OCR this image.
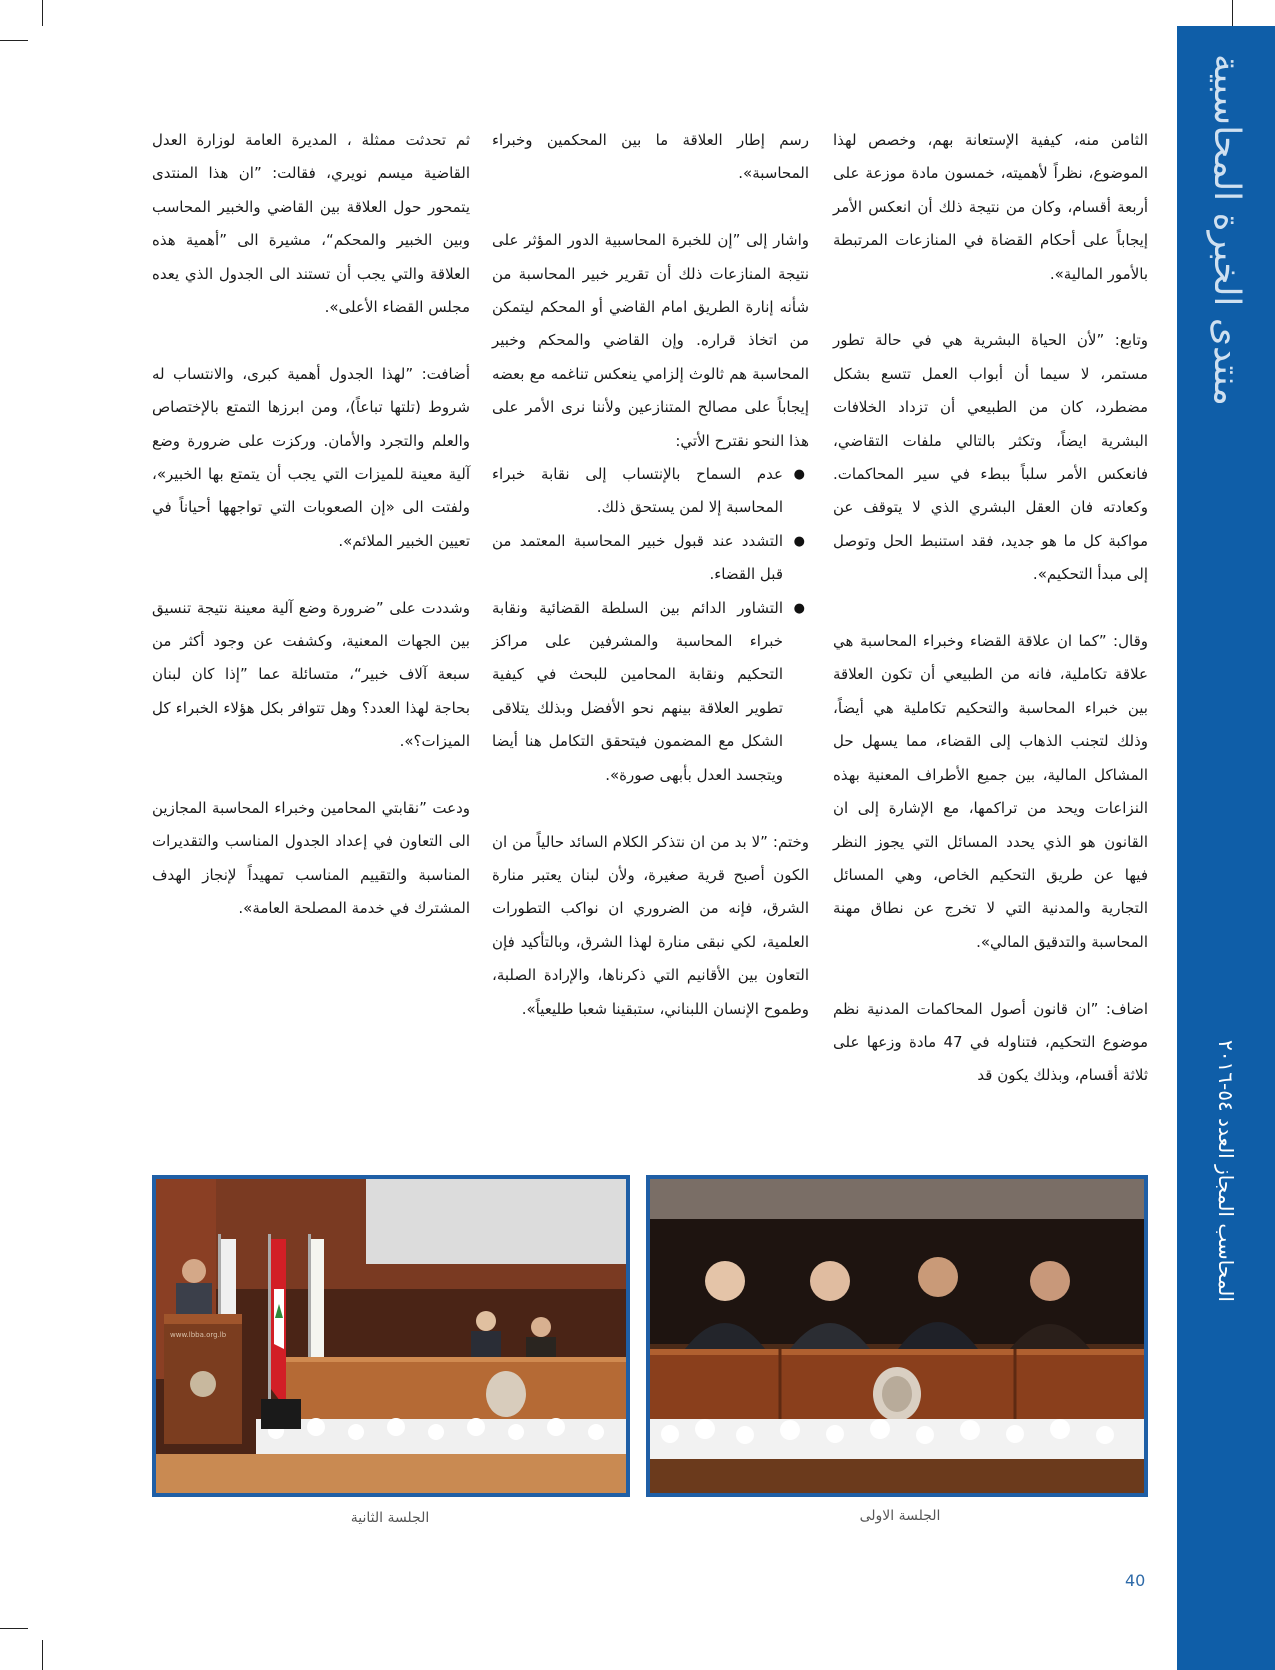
منتدى الخبرة المحاسبية
المحاسب المجاز العدد ٥٤-٢٠١٦

الثامن منه، كيفية الإستعانة بهم، وخصص لهذا الموضوع، نظراً لأهميته، خمسون مادة موزعة على أربعة أقسام، وكان من نتيجة ذلك أن انعكس الأمر إيجاباً على أحكام القضاة في المنازعات المرتبطة بالأمور المالية».

وتابع: ”لأن الحياة البشرية هي في حالة تطور مستمر، لا سيما أن أبواب العمل تتسع بشكل مضطرد، كان من الطبيعي أن تزداد الخلافات البشرية ايضاً، وتكثر بالتالي ملفات التقاضي، فانعكس الأمر سلباً ببطء في سير المحاكمات. وكعادته فان العقل البشري الذي لا يتوقف عن مواكبة كل ما هو جديد، فقد استنبط الحل وتوصل إلى مبدأ التحكيم».

وقال: ”كما ان علاقة القضاء وخبراء المحاسبة هي علاقة تكاملية، فانه من الطبيعي أن تكون العلاقة بين خبراء المحاسبة والتحكيم تكاملية هي أيضاً، وذلك لتجنب الذهاب إلى القضاء، مما يسهل حل المشاكل المالية، بين جميع الأطراف المعنية بهذه النزاعات ويحد من تراكمها، مع الإشارة إلى ان القانون هو الذي يحدد المسائل التي يجوز النظر فيها عن طريق التحكيم الخاص، وهي المسائل التجارية والمدنية التي لا تخرج عن نطاق مهنة المحاسبة والتدقيق المالي».

اضاف: ”ان قانون أصول المحاكمات المدنية نظم موضوع التحكيم، فتناوله في 47 مادة وزعها على ثلاثة أقسام، وبذلك يكون قد

رسم إطار العلاقة ما بين المحكمين وخبراء المحاسبة».

واشار إلى ”إن للخبرة المحاسبية الدور المؤثر على نتيجة المنازعات ذلك أن تقرير خبير المحاسبة من شأنه إنارة الطريق امام القاضي أو المحكم ليتمكن من اتخاذ قراره. وإن القاضي والمحكم وخبير المحاسبة هم ثالوث إلزامي ينعكس تناغمه مع بعضه إيجاباً على مصالح المتنازعين ولأننا نرى الأمر على هذا النحو نقترح الأتي:

● عدم السماح بالإنتساب إلى نقابة خبراء المحاسبة إلا لمن يستحق ذلك.
● التشدد عند قبول خبير المحاسبة المعتمد من قبل القضاء.
● التشاور الدائم بين السلطة القضائية ونقابة خبراء المحاسبة والمشرفين على مراكز التحكيم ونقابة المحامين للبحث في كيفية تطوير العلاقة بينهم نحو الأفضل وبذلك يتلاقى الشكل مع المضمون فيتحقق التكامل هنا أيضا ويتجسد العدل بأبهى صورة».

وختم: ”لا بد من ان نتذكر الكلام السائد حالياً من ان الكون أصبح قرية صغيرة، ولأن لبنان يعتبر منارة الشرق، فإنه من الضروري ان نواكب التطورات العلمية، لكي نبقى منارة لهذا الشرق، وبالتأكيد فإن التعاون بين الأقانيم التي ذكرناها، والإرادة الصلبة، وطموح الإنسان اللبناني، ستبقينا شعبا طليعياً».

ثم تحدثت ممثلة ، المديرة العامة لوزارة العدل القاضية ميسم نويري، فقالت: ”ان هذا المنتدى يتمحور حول العلاقة بين القاضي والخبير المحاسب وبين الخبير والمحكم“، مشيرة الى ”أهمية هذه العلاقة والتي يجب أن تستند الى الجدول الذي يعده مجلس القضاء الأعلى».

أضافت: ”لهذا الجدول أهمية كبرى، والانتساب له شروط (تلتها تباعاً)، ومن ابرزها التمتع بالإختصاص والعلم والتجرد والأمان. وركزت على ضرورة وضع آلية معينة للميزات التي يجب أن يتمتع بها الخبير»، ولفتت الى «إن الصعوبات التي تواجهها أحياناً في تعيين الخبير الملائم».

وشددت على ”ضرورة وضع آلية معينة نتيجة تنسيق بين الجهات المعنية، وكشفت عن وجود أكثر من سبعة آلاف خبير“، متسائلة عما ”إذا كان لبنان بحاجة لهذا العدد؟ وهل تتوافر بكل هؤلاء الخبراء كل الميزات؟».

ودعت ”نقابتي المحامين وخبراء المحاسبة المجازين الى التعاون في إعداد الجدول المناسب والتقديرات المناسبة والتقييم المناسب تمهيداً لإنجاز الهدف المشترك في خدمة المصلحة العامة».

www.lbba.org.lb
الجلسة الاولى
الجلسة الثانية
40
